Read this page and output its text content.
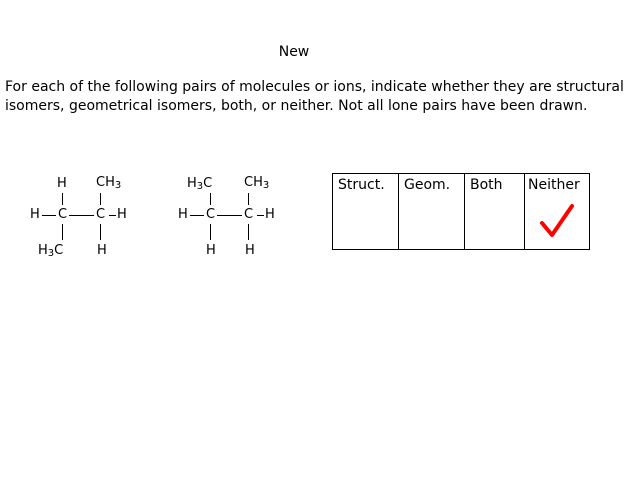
New
For each of the following pairs of molecules or ions, indicate whether they are structural isomers, geometrical isomers, both, or neither. Not all lone pairs have been drawn.
H $CH_3$
H C C H
$H_3C$	H
$H_3C$ $CH_3$
H C C H
H H
Struct.	Geom.	Both	Neither
